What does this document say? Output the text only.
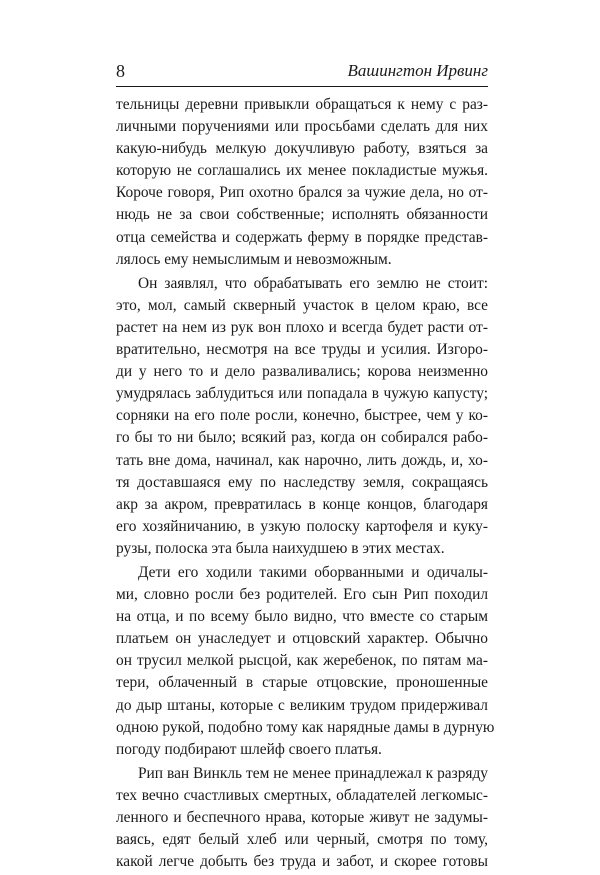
8	Вашингтон Ирвинг
тельницы деревни привыкли обращаться к нему с раз-
личными поручениями или просьбами сделать для них
какую-нибудь мелкую докучливую работу, взяться за
которую не соглашались их менее покладистые мужья.
Короче говоря, Рип охотно брался за чужие дела, но от-
нюдь не за свои собственные; исполнять обязанности
отца семейства и содержать ферму в порядке представ-
лялось ему немыслимым и невозможным.
Он заявлял, что обрабатывать его землю не стоит:
это, мол, самый скверный участок в целом краю, все
растет на нем из рук вон плохо и всегда будет расти от-
вратительно, несмотря на все труды и усилия. Изгоро-
ди у него то и дело разваливались; корова неизменно
умудрялась заблудиться или попадала в чужую капусту;
сорняки на его поле росли, конечно, быстрее, чем у ко-
го бы то ни было; всякий раз, когда он собирался рабо-
тать вне дома, начинал, как нарочно, лить дождь, и, хо-
тя доставшаяся ему по наследству земля, сокращаясь
акр за акром, превратилась в конце концов, благодаря
его хозяйничанию, в узкую полоску картофеля и куку-
рузы, полоска эта была наихудшею в этих местах.
Дети его ходили такими оборванными и одичалы-
ми, словно росли без родителей. Его сын Рип походил
на отца, и по всему было видно, что вместе со старым
платьем он унаследует и отцовский характер. Обычно
он трусил мелкой рысцой, как жеребенок, по пятам ма-
тери, облаченный в старые отцовские, проношенные
до дыр штаны, которые с великим трудом придерживал
одною рукой, подобно тому как нарядные дамы в дурную
погоду подбирают шлейф своего платья.
Рип ван Винкль тем не менее принадлежал к разряду
тех вечно счастливых смертных, обладателей легкомыс-
ленного и беспечного нрава, которые живут не задумы-
ваясь, едят белый хлеб или черный, смотря по тому,
какой легче добыть без труда и забот, и скорее готовы
